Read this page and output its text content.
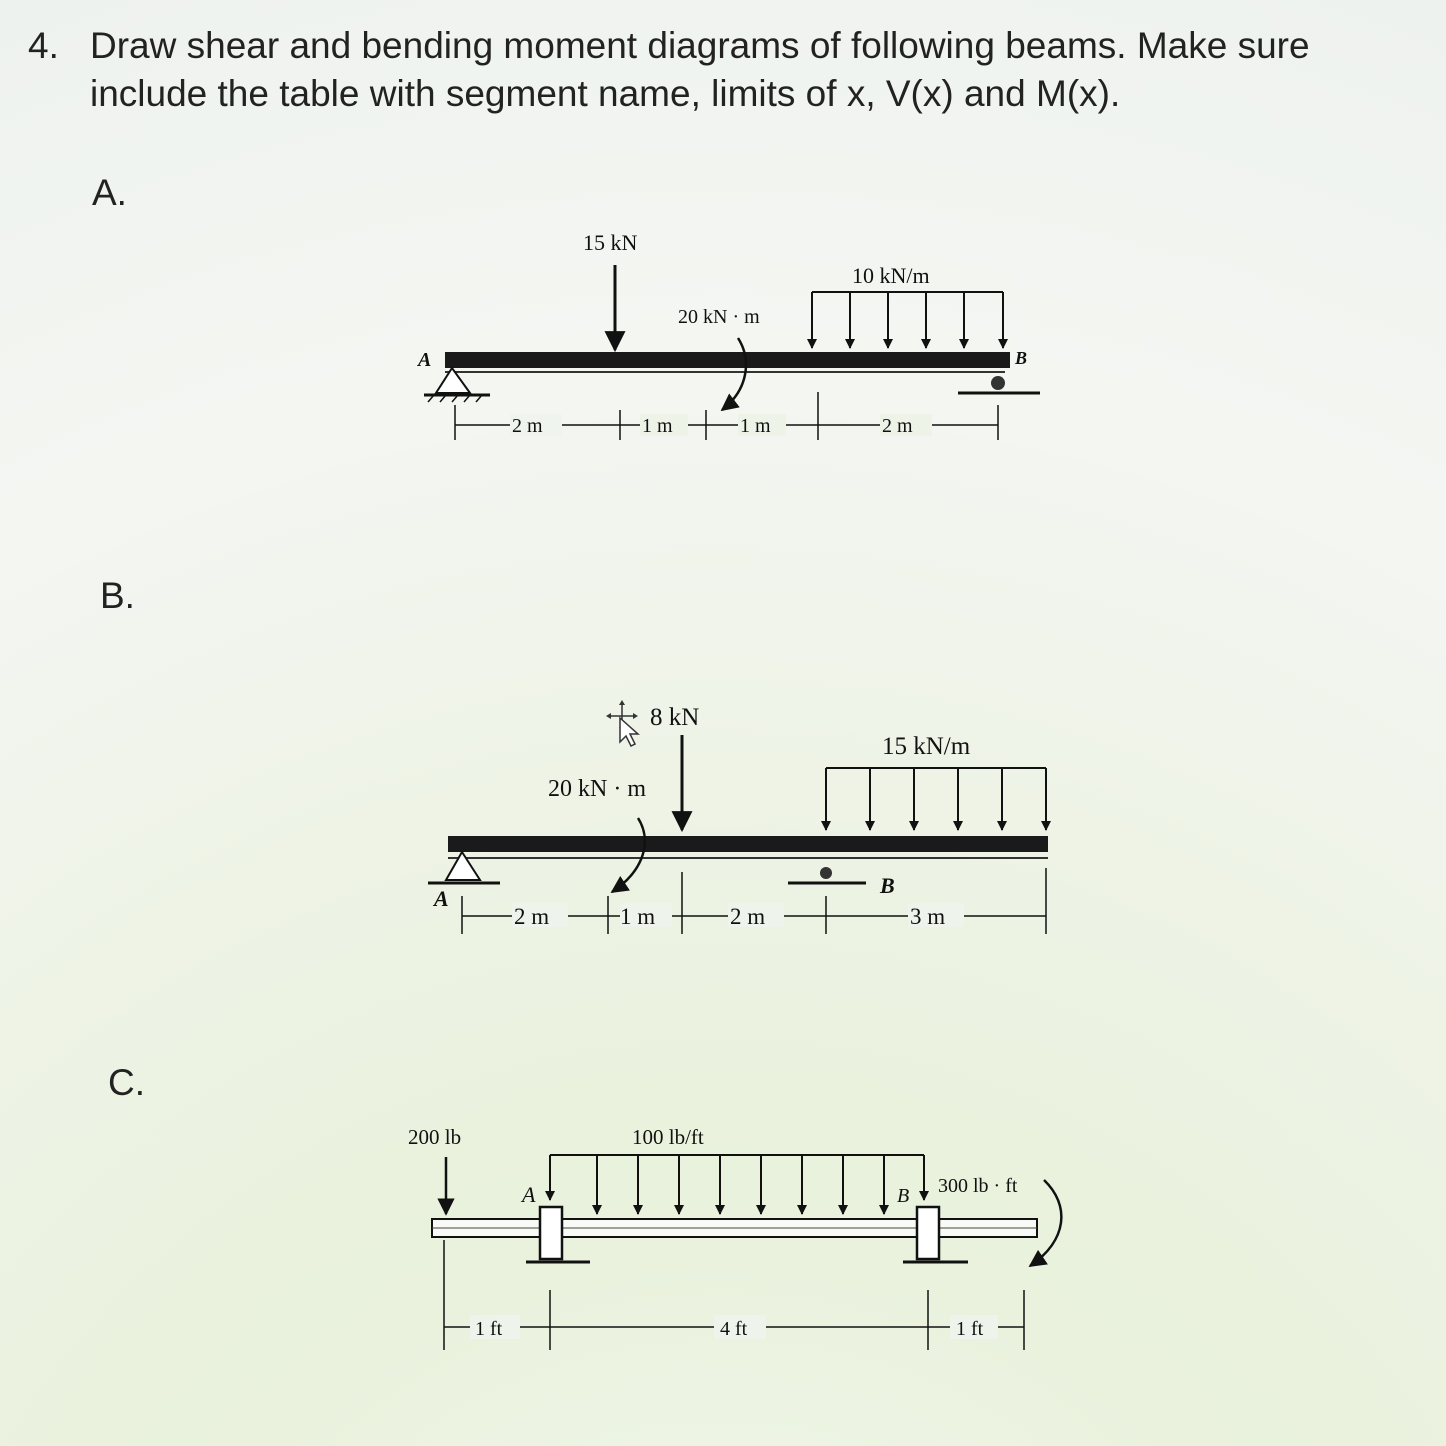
4. Draw shear and bending moment diagrams of following beams. Make sure include the table with segment name, limits of x, V(x) and M(x).
A.
B.
C.
A	B
15 kN
20 kN · m
10 kN/m
2 m	1 m	1 m	2 m
A
B
8 kN
20 kN · m
15 kN/m
2 m	1 m	2 m	3 m
A	B
200 lb	100 lb/ft
300 lb · ft
1 ft	4 ft	1 ft
